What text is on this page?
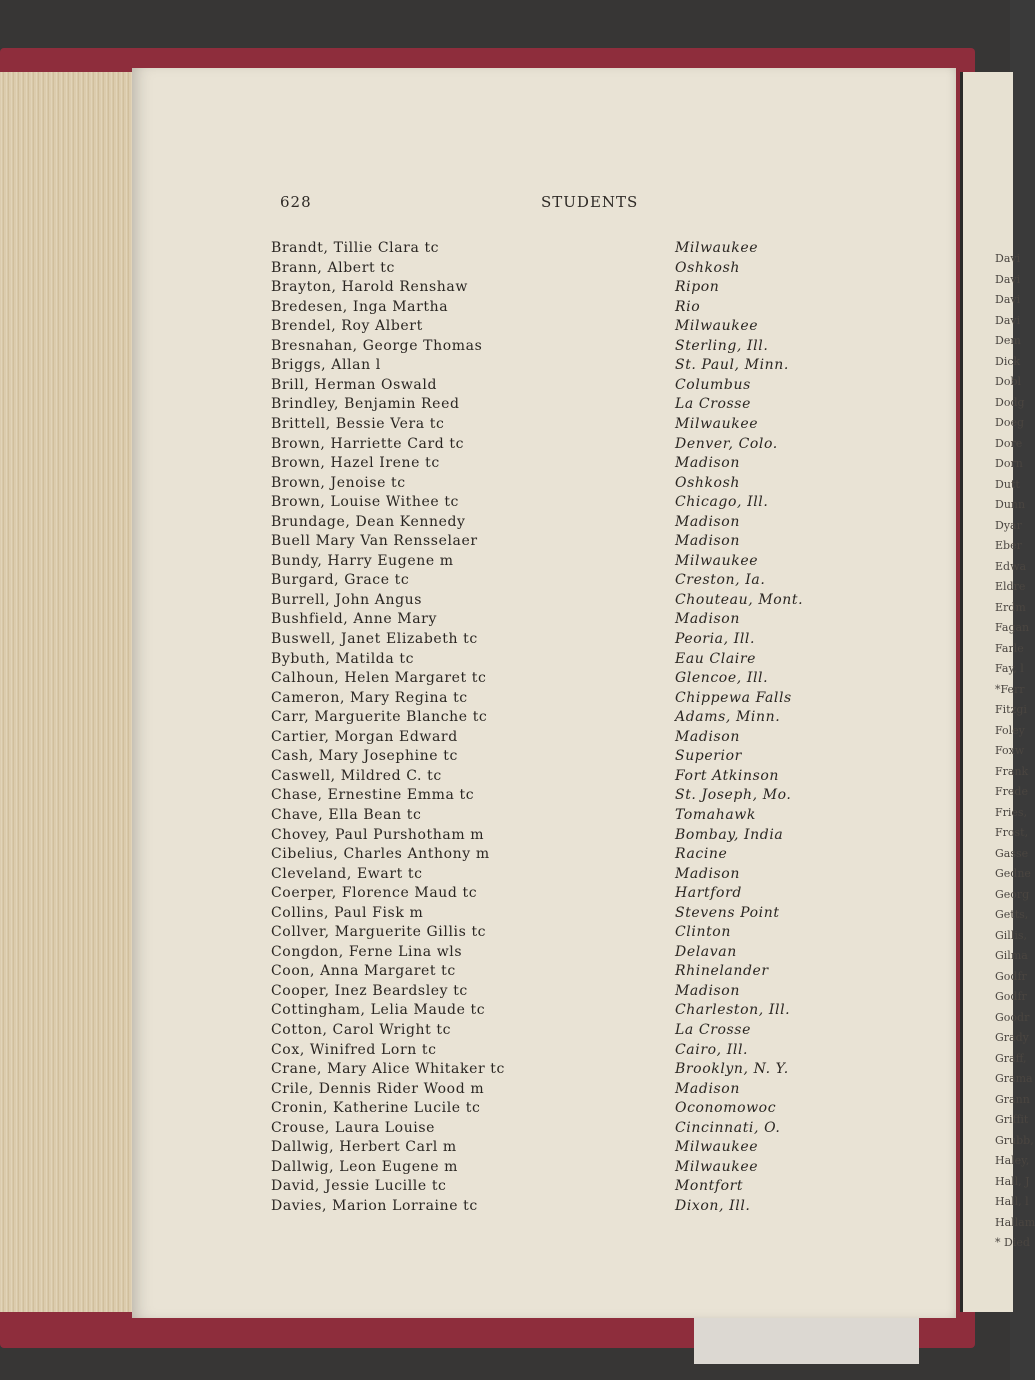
Davi
Davi
Davi
Davi
Dem
Dick
Dobl
Dodg
Doeg
Dore
Dorn
Dutt
Dunn
Dyar
Eber
Edwa
Eldre
Erdm
Fagan
Farle
Fay, l
*Ferr
Fitzgi
Foley
Foxw
Frank
Frede
Fries,
Frost,
Gasse
Gedne
Georg
Getts,
Gillis,
Gilma
Godfr
Godfr
Goodr
Grady
Graff,
Grama
Grann
Griffit
Grubb,
Haley,
Hall, J
Hall, l
Hallam
* Died
628	STUDENTS
Brandt, Tillie Clara tc	Milwaukee
Brann, Albert tc	Oshkosh
Brayton, Harold Renshaw	Ripon
Bredesen, Inga Martha	Rio
Brendel, Roy Albert	Milwaukee
Bresnahan, George Thomas	Sterling, Ill.
Briggs, Allan l	St. Paul, Minn.
Brill, Herman Oswald	Columbus
Brindley, Benjamin Reed	La Crosse
Brittell, Bessie Vera tc	Milwaukee
Brown, Harriette Card tc	Denver, Colo.
Brown, Hazel Irene tc	Madison
Brown, Jenoise tc	Oshkosh
Brown, Louise Withee tc	Chicago, Ill.
Brundage, Dean Kennedy	Madison
Buell Mary Van Rensselaer	Madison
Bundy, Harry Eugene m	Milwaukee
Burgard, Grace tc	Creston, Ia.
Burrell, John Angus	Chouteau, Mont.
Bushfield, Anne Mary	Madison
Buswell, Janet Elizabeth tc	Peoria, Ill.
Bybuth, Matilda tc	Eau Claire
Calhoun, Helen Margaret tc	Glencoe, Ill.
Cameron, Mary Regina tc	Chippewa Falls
Carr, Marguerite Blanche tc	Adams, Minn.
Cartier, Morgan Edward	Madison
Cash, Mary Josephine tc	Superior
Caswell, Mildred C. tc	Fort Atkinson
Chase, Ernestine Emma tc	St. Joseph, Mo.
Chave, Ella Bean tc	Tomahawk
Chovey, Paul Purshotham m	Bombay, India
Cibelius, Charles Anthony m	Racine
Cleveland, Ewart tc	Madison
Coerper, Florence Maud tc	Hartford
Collins, Paul Fisk m	Stevens Point
Collver, Marguerite Gillis tc	Clinton
Congdon, Ferne Lina wls	Delavan
Coon, Anna Margaret tc	Rhinelander
Cooper, Inez Beardsley tc	Madison
Cottingham, Lelia Maude tc	Charleston, Ill.
Cotton, Carol Wright tc	La Crosse
Cox, Winifred Lorn tc	Cairo, Ill.
Crane, Mary Alice Whitaker tc	Brooklyn, N. Y.
Crile, Dennis Rider Wood m	Madison
Cronin, Katherine Lucile tc	Oconomowoc
Crouse, Laura Louise	Cincinnati, O.
Dallwig, Herbert Carl m	Milwaukee
Dallwig, Leon Eugene m	Milwaukee
David, Jessie Lucille tc	Montfort
Davies, Marion Lorraine tc	Dixon, Ill.
